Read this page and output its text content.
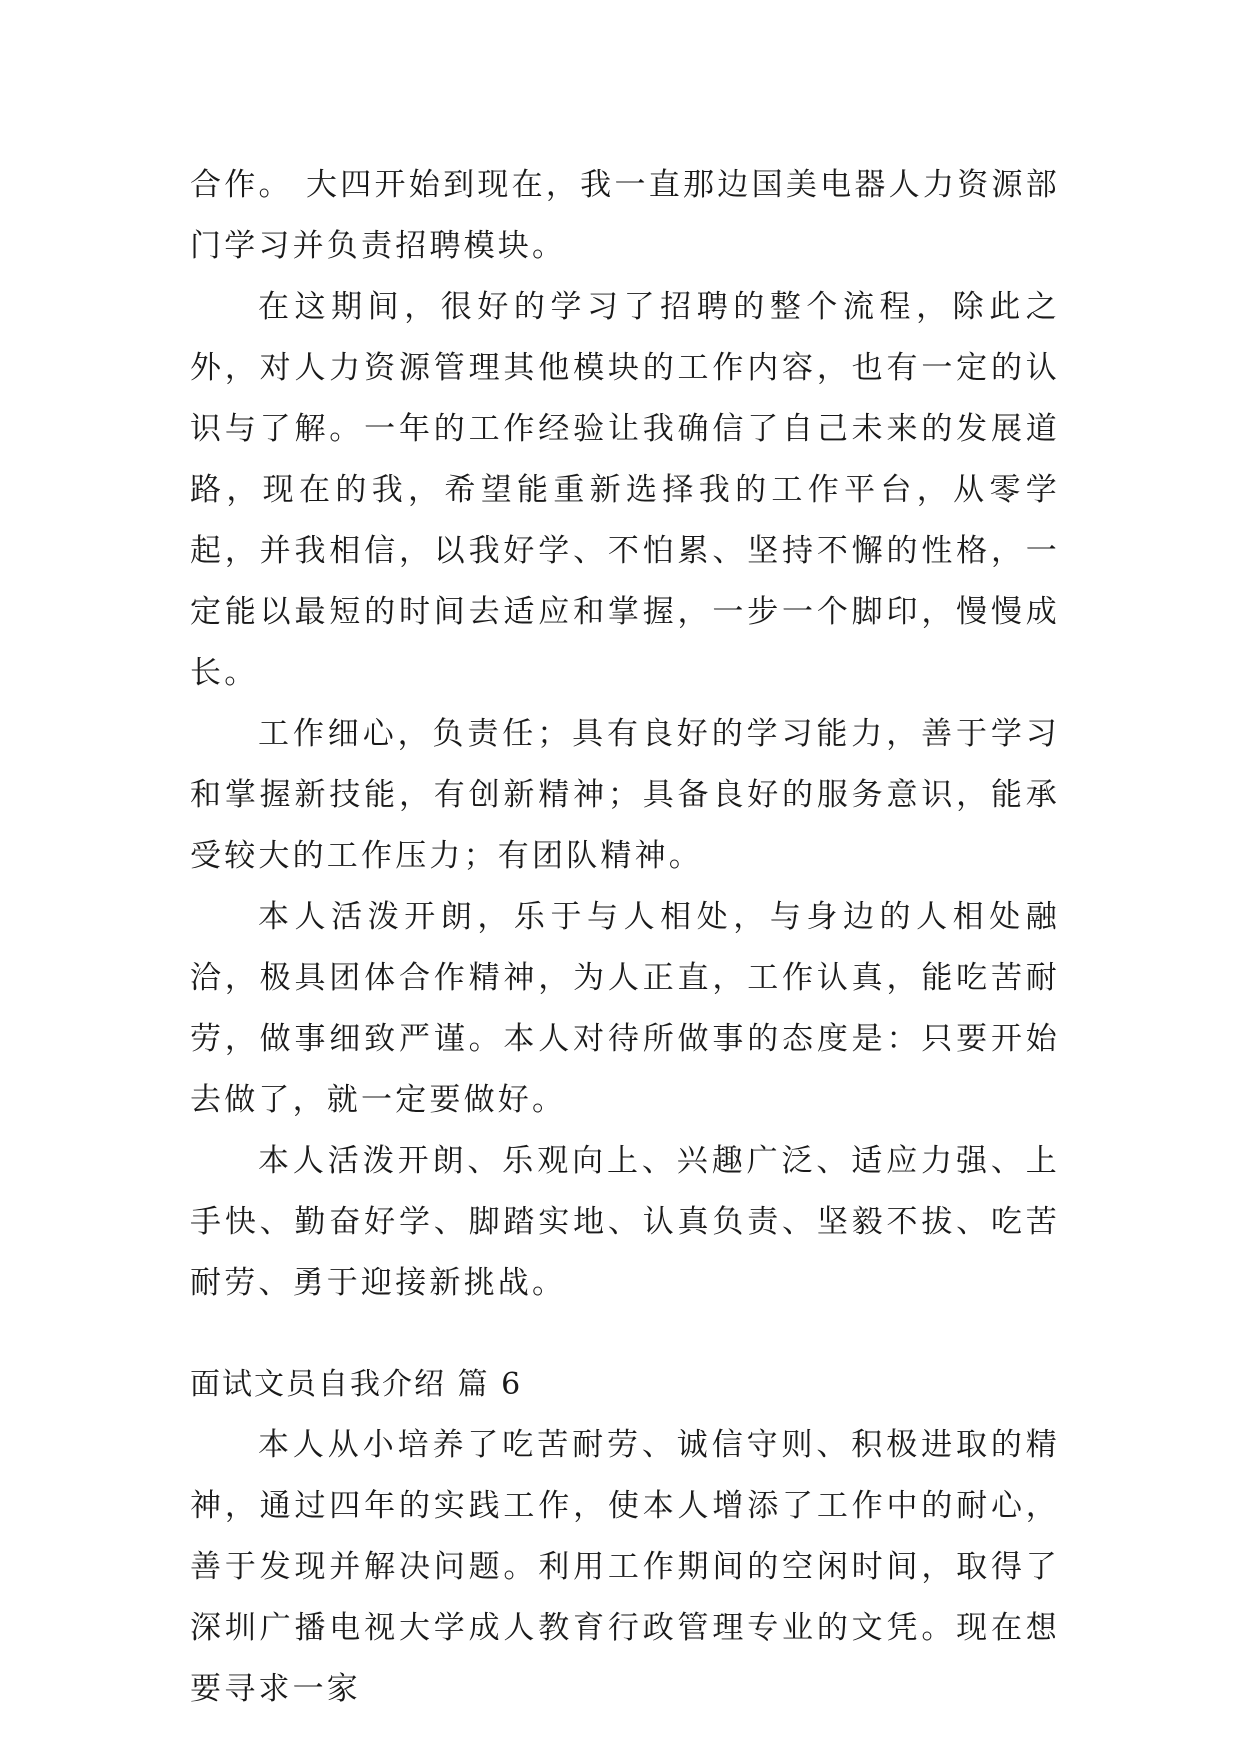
合作。 大四开始到现在，我一直那边国美电器人力资源部门学习并负责招聘模块。

在这期间，很好的学习了招聘的整个流程，除此之外，对人力资源管理其他模块的工作内容，也有一定的认识与了解。一年的工作经验让我确信了自己未来的发展道路，现在的我，希望能重新选择我的工作平台，从零学起，并我相信，以我好学、不怕累、坚持不懈的性格，一定能以最短的时间去适应和掌握，一步一个脚印，慢慢成长。

工作细心，负责任；具有良好的学习能力，善于学习和掌握新技能，有创新精神；具备良好的服务意识，能承受较大的工作压力；有团队精神。

本人活泼开朗，乐于与人相处，与身边的人相处融洽，极具团体合作精神，为人正直，工作认真，能吃苦耐劳，做事细致严谨。本人对待所做事的态度是：只要开始去做了，就一定要做好。

本人活泼开朗、乐观向上、兴趣广泛、适应力强、上手快、勤奋好学、脚踏实地、认真负责、坚毅不拔、吃苦耐劳、勇于迎接新挑战。

面试文员自我介绍 篇 6

本人从小培养了吃苦耐劳、诚信守则、积极进取的精神，通过四年的实践工作，使本人增添了工作中的耐心，善于发现并解决问题。利用工作期间的空闲时间，取得了深圳广播电视大学成人教育行政管理专业的文凭。现在想要寻求一家
